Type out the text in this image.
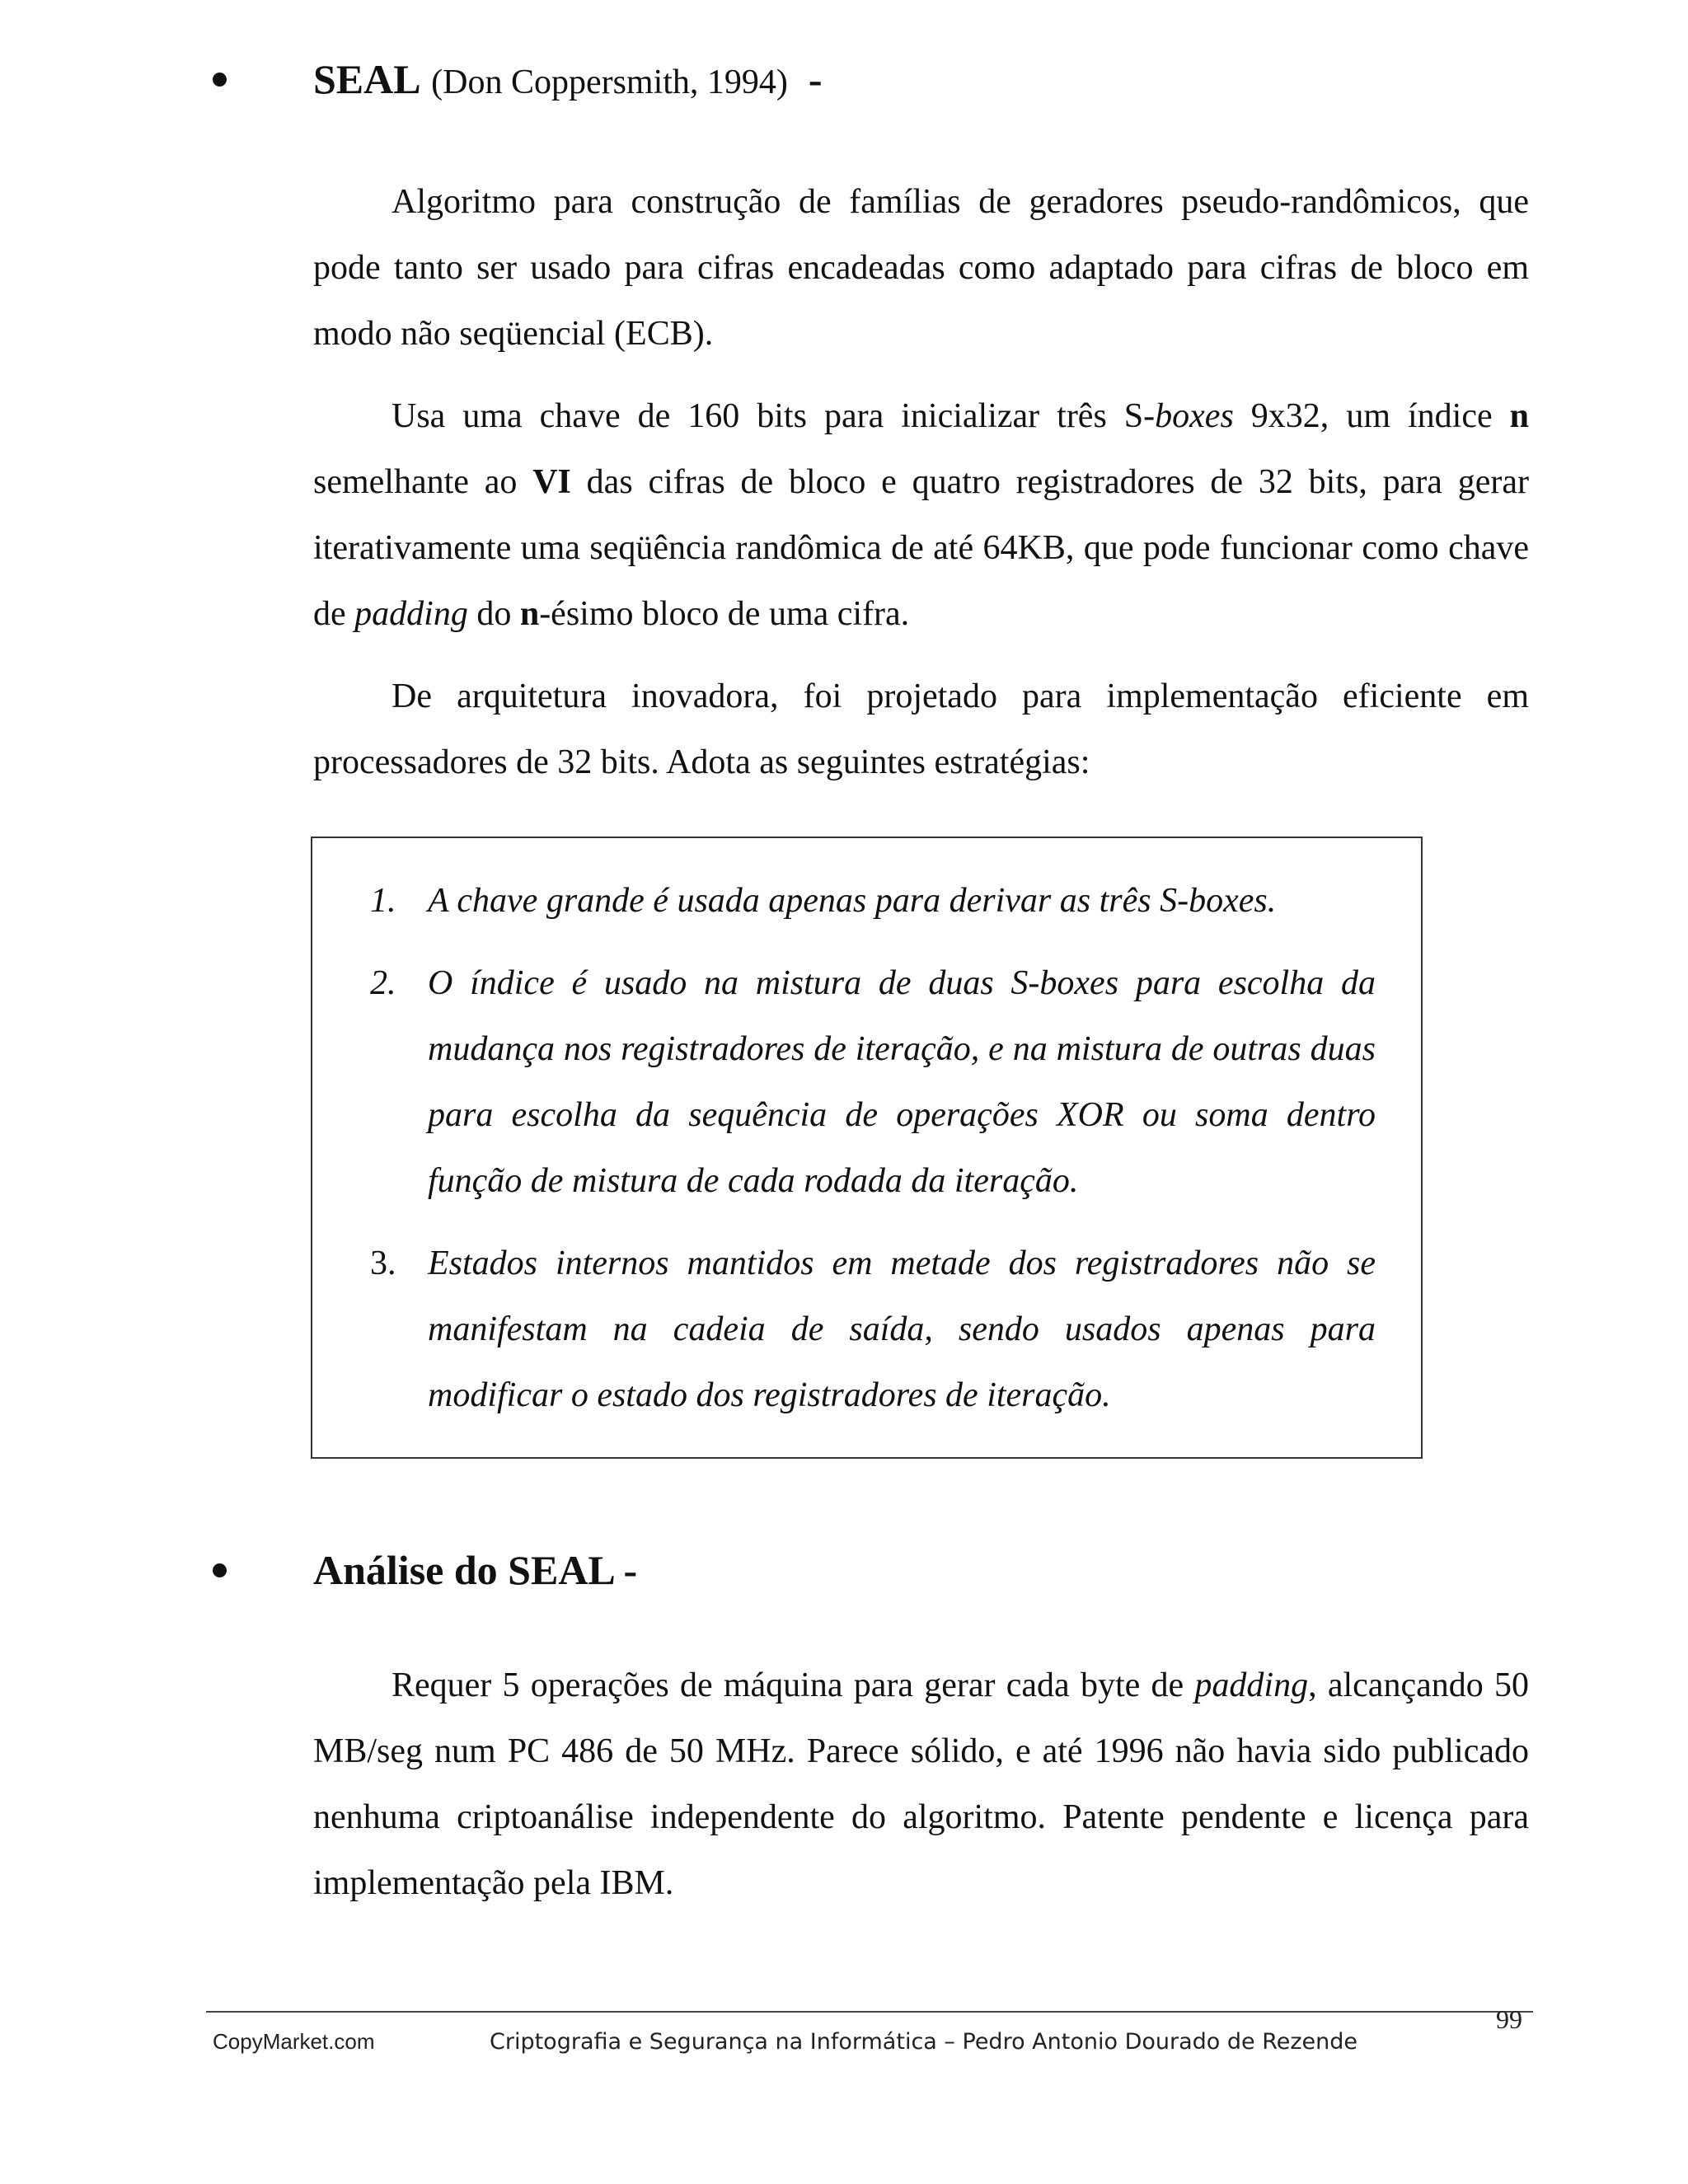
SEAL (Don Coppersmith, 1994) -

Algoritmo para construção de famílias de geradores pseudo-randômicos, que pode tanto ser usado para cifras encadeadas como adaptado para cifras de bloco em modo não seqüencial (ECB).

Usa uma chave de 160 bits para inicializar três S-boxes 9x32, um índice n semelhante ao VI das cifras de bloco e quatro registradores de 32 bits, para gerar iterativamente uma seqüência randômica de até 64KB, que pode funcionar como chave de padding do n-ésimo bloco de uma cifra.

De arquitetura inovadora, foi projetado para implementação eficiente em processadores de 32 bits. Adota as seguintes estratégias:

1. A chave grande é usada apenas para derivar as três S-boxes.
2. O índice é usado na mistura de duas S-boxes para escolha da mudança nos registradores de iteração, e na mistura de outras duas para escolha da sequência de operações XOR ou soma dentro função de mistura de cada rodada da iteração.
3. Estados internos mantidos em metade dos registradores não se manifestam na cadeia de saída, sendo usados apenas para modificar o estado dos registradores de iteração.
Análise do SEAL -

Requer 5 operações de máquina para gerar cada byte de padding, alcançando 50 MB/seg num PC 486 de 50 MHz. Parece sólido, e até 1996 não havia sido publicado nenhuma criptoanálise independente do algoritmo. Patente pendente e licença para implementação pela IBM.

99
CopyMarket.com	Criptografia e Segurança na Informática – Pedro Antonio Dourado de Rezende
